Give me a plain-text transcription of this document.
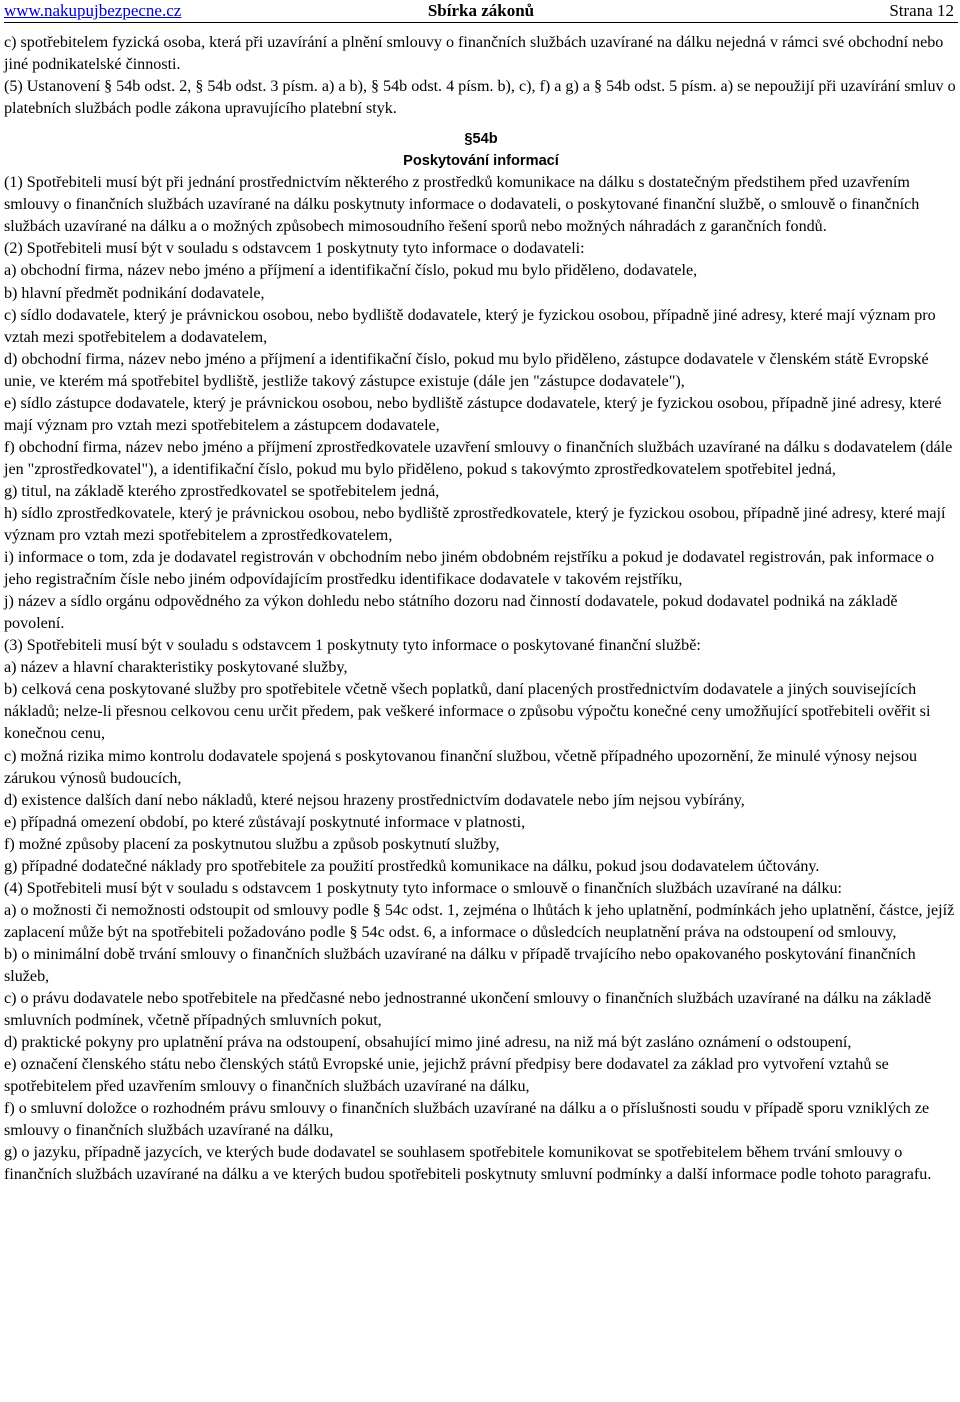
www.nakupujbezpecne.cz	Sbírka zákonů	Strana 12

c) spotřebitelem fyzická osoba, která při uzavírání a plnění smlouvy o finančních službách uzavírané na dálku nejedná v rámci své obchodní nebo jiné podnikatelské činnosti.

(5) Ustanovení § 54b odst. 2, § 54b odst. 3 písm. a) a b), § 54b odst. 4 písm. b), c), f) a g) a § 54b odst. 5 písm. a) se nepoužijí při uzavírání smluv o platebních službách podle zákona upravujícího platební styk.

§54b

Poskytování informací

(1) Spotřebiteli musí být při jednání prostřednictvím některého z prostředků komunikace na dálku s dostatečným předstihem před uzavřením smlouvy o finančních službách uzavírané na dálku poskytnuty informace o dodavateli, o poskytované finanční službě, o smlouvě o finančních službách uzavírané na dálku a o možných způsobech mimosoudního řešení sporů nebo možných náhradách z garančních fondů.

(2) Spotřebiteli musí být v souladu s odstavcem 1 poskytnuty tyto informace o dodavateli:

a) obchodní firma, název nebo jméno a příjmení a identifikační číslo, pokud mu bylo přiděleno, dodavatele,

b) hlavní předmět podnikání dodavatele,

c) sídlo dodavatele, který je právnickou osobou, nebo bydliště dodavatele, který je fyzickou osobou, případně jiné adresy, které mají význam pro vztah mezi spotřebitelem a dodavatelem,

d) obchodní firma, název nebo jméno a příjmení a identifikační číslo, pokud mu bylo přiděleno, zástupce dodavatele v členském státě Evropské unie, ve kterém má spotřebitel bydliště, jestliže takový zástupce existuje (dále jen "zástupce dodavatele"),

e) sídlo zástupce dodavatele, který je právnickou osobou, nebo bydliště zástupce dodavatele, který je fyzickou osobou, případně jiné adresy, které mají význam pro vztah mezi spotřebitelem a zástupcem dodavatele,

f) obchodní firma, název nebo jméno a příjmení zprostředkovatele uzavření smlouvy o finančních službách uzavírané na dálku s dodavatelem (dále jen "zprostředkovatel"), a identifikační číslo, pokud mu bylo přiděleno, pokud s takovýmto zprostředkovatelem spotřebitel jedná,

g) titul, na základě kterého zprostředkovatel se spotřebitelem jedná,

h) sídlo zprostředkovatele, který je právnickou osobou, nebo bydliště zprostředkovatele, který je fyzickou osobou, případně jiné adresy, které mají význam pro vztah mezi spotřebitelem a zprostředkovatelem,

i) informace o tom, zda je dodavatel registrován v obchodním nebo jiném obdobném rejstříku a pokud je dodavatel registrován, pak informace o jeho registračním čísle nebo jiném odpovídajícím prostředku identifikace dodavatele v takovém rejstříku,

j) název a sídlo orgánu odpovědného za výkon dohledu nebo státního dozoru nad činností dodavatele, pokud dodavatel podniká na základě povolení.

(3) Spotřebiteli musí být v souladu s odstavcem 1 poskytnuty tyto informace o poskytované finanční službě:

a) název a hlavní charakteristiky poskytované služby,

b) celková cena poskytované služby pro spotřebitele včetně všech poplatků, daní placených prostřednictvím dodavatele a jiných souvisejících nákladů; nelze-li přesnou celkovou cenu určit předem, pak veškeré informace o způsobu výpočtu konečné ceny umožňující spotřebiteli ověřit si konečnou cenu,

c) možná rizika mimo kontrolu dodavatele spojená s poskytovanou finanční službou, včetně případného upozornění, že minulé výnosy nejsou zárukou výnosů budoucích,

d) existence dalších daní nebo nákladů, které nejsou hrazeny prostřednictvím dodavatele nebo jím nejsou vybírány,

e) případná omezení období, po které zůstávají poskytnuté informace v platnosti,

f) možné způsoby placení za poskytnutou službu a způsob poskytnutí služby,

g) případné dodatečné náklady pro spotřebitele za použití prostředků komunikace na dálku, pokud jsou dodavatelem účtovány.

(4) Spotřebiteli musí být v souladu s odstavcem 1 poskytnuty tyto informace o smlouvě o finančních službách uzavírané na dálku:

a) o možnosti či nemožnosti odstoupit od smlouvy podle § 54c odst. 1, zejména o lhůtách k jeho uplatnění, podmínkách jeho uplatnění, částce, jejíž zaplacení může být na spotřebiteli požadováno podle § 54c odst. 6, a informace o důsledcích neuplatnění práva na odstoupení od smlouvy,

b) o minimální době trvání smlouvy o finančních službách uzavírané na dálku v případě trvajícího nebo opakovaného poskytování finančních služeb,

c) o právu dodavatele nebo spotřebitele na předčasné nebo jednostranné ukončení smlouvy o finančních službách uzavírané na dálku na základě smluvních podmínek, včetně případných smluvních pokut,

d) praktické pokyny pro uplatnění práva na odstoupení, obsahující mimo jiné adresu, na niž má být zasláno oznámení o odstoupení,

e) označení členského státu nebo členských států Evropské unie, jejichž právní předpisy bere dodavatel za základ pro vytvoření vztahů se spotřebitelem před uzavřením smlouvy o finančních službách uzavírané na dálku,

f) o smluvní doložce o rozhodném právu smlouvy o finančních službách uzavírané na dálku a o příslušnosti soudu v případě sporu vzniklých ze smlouvy o finančních službách uzavírané na dálku,

g) o jazyku, případně jazycích, ve kterých bude dodavatel se souhlasem spotřebitele komunikovat se spotřebitelem během trvání smlouvy o finančních službách uzavírané na dálku a ve kterých budou spotřebiteli poskytnuty smluvní podmínky a další informace podle tohoto paragrafu.
